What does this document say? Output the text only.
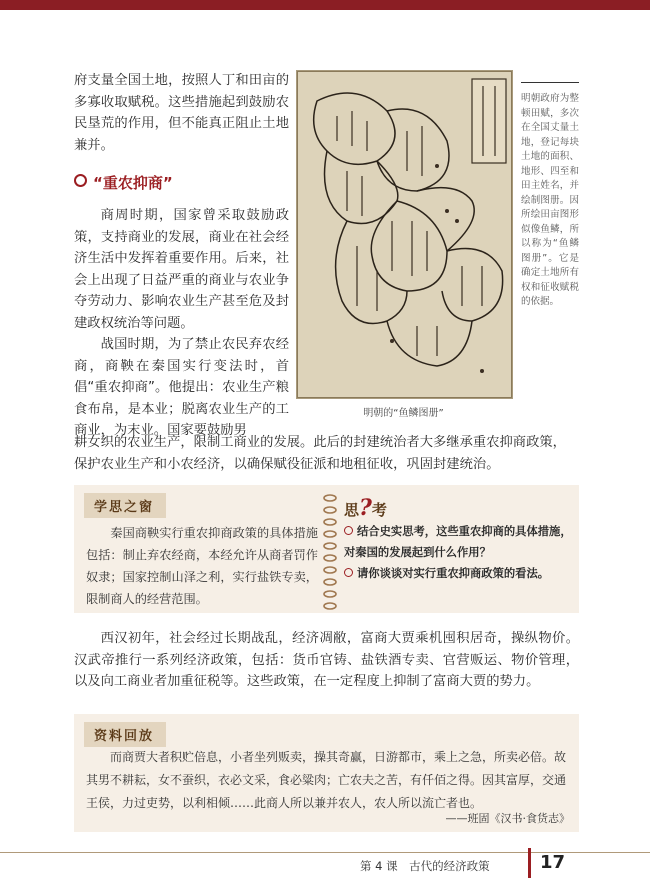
府支量全国土地，按照人丁和田亩的多寡收取赋税。这些措施起到鼓励农民垦荒的作用，但不能真正阻止土地兼并。

“重农抑商”

商周时期，国家曾采取鼓励政策，支持商业的发展，商业在社会经济生活中发挥着重要作用。后来，社会上出现了日益严重的商业与农业争夺劳动力、影响农业生产甚至危及封建政权统治等问题。

战国时期，为了禁止农民弃农经商，商鞅在秦国实行变法时，首倡“重农抑商”。他提出：农业生产粮食布帛，是本业；脱离农业生产的工商业，为末业。国家要鼓励男

耕女织的农业生产，限制工商业的发展。此后的封建统治者大多继承重农抑商政策，保护农业生产和小农经济，以确保赋役征派和地租征收，巩固封建统治。

明朝的“鱼鳞图册”
明朝政府为整顿田赋，多次在全国丈量土地，登记每块土地的面积、地形、四至和田主姓名，并绘制图册。因所绘田亩图形似像鱼鳞，所以称为“鱼鳞图册”。它是确定土地所有权和征收赋税的依据。
学思之窗

秦国商鞅实行重农抑商政策的具体措施包括：制止弃农经商，本经允许从商者罚作奴隶；国家控制山泽之利，实行盐铁专卖，限制商人的经营范围。

思?考

结合史实思考，这些重农抑商的具体措施，对秦国的发展起到什么作用？

请你谈谈对实行重农抑商政策的看法。

西汉初年，社会经过长期战乱，经济凋敝，富商大贾乘机囤积居奇，操纵物价。汉武帝推行一系列经济政策，包括：货币官铸、盐铁酒专卖、官营贩运、物价管理，以及向工商业者加重征税等。这些政策，在一定程度上抑制了富商大贾的势力。

资料回放

而商贾大者积贮倍息，小者坐列贩卖，操其奇赢，日游都市，乘上之急，所卖必倍。故其男不耕耘，女不蚕织，衣必文采，食必粱肉；亡农夫之苦，有仟佰之得。因其富厚，交通王侯，力过吏势，以利相倾……此商人所以兼并农人，农人所以流亡者也。

——班固《汉书·食货志》
第 4 课　古代的经济政策	17
